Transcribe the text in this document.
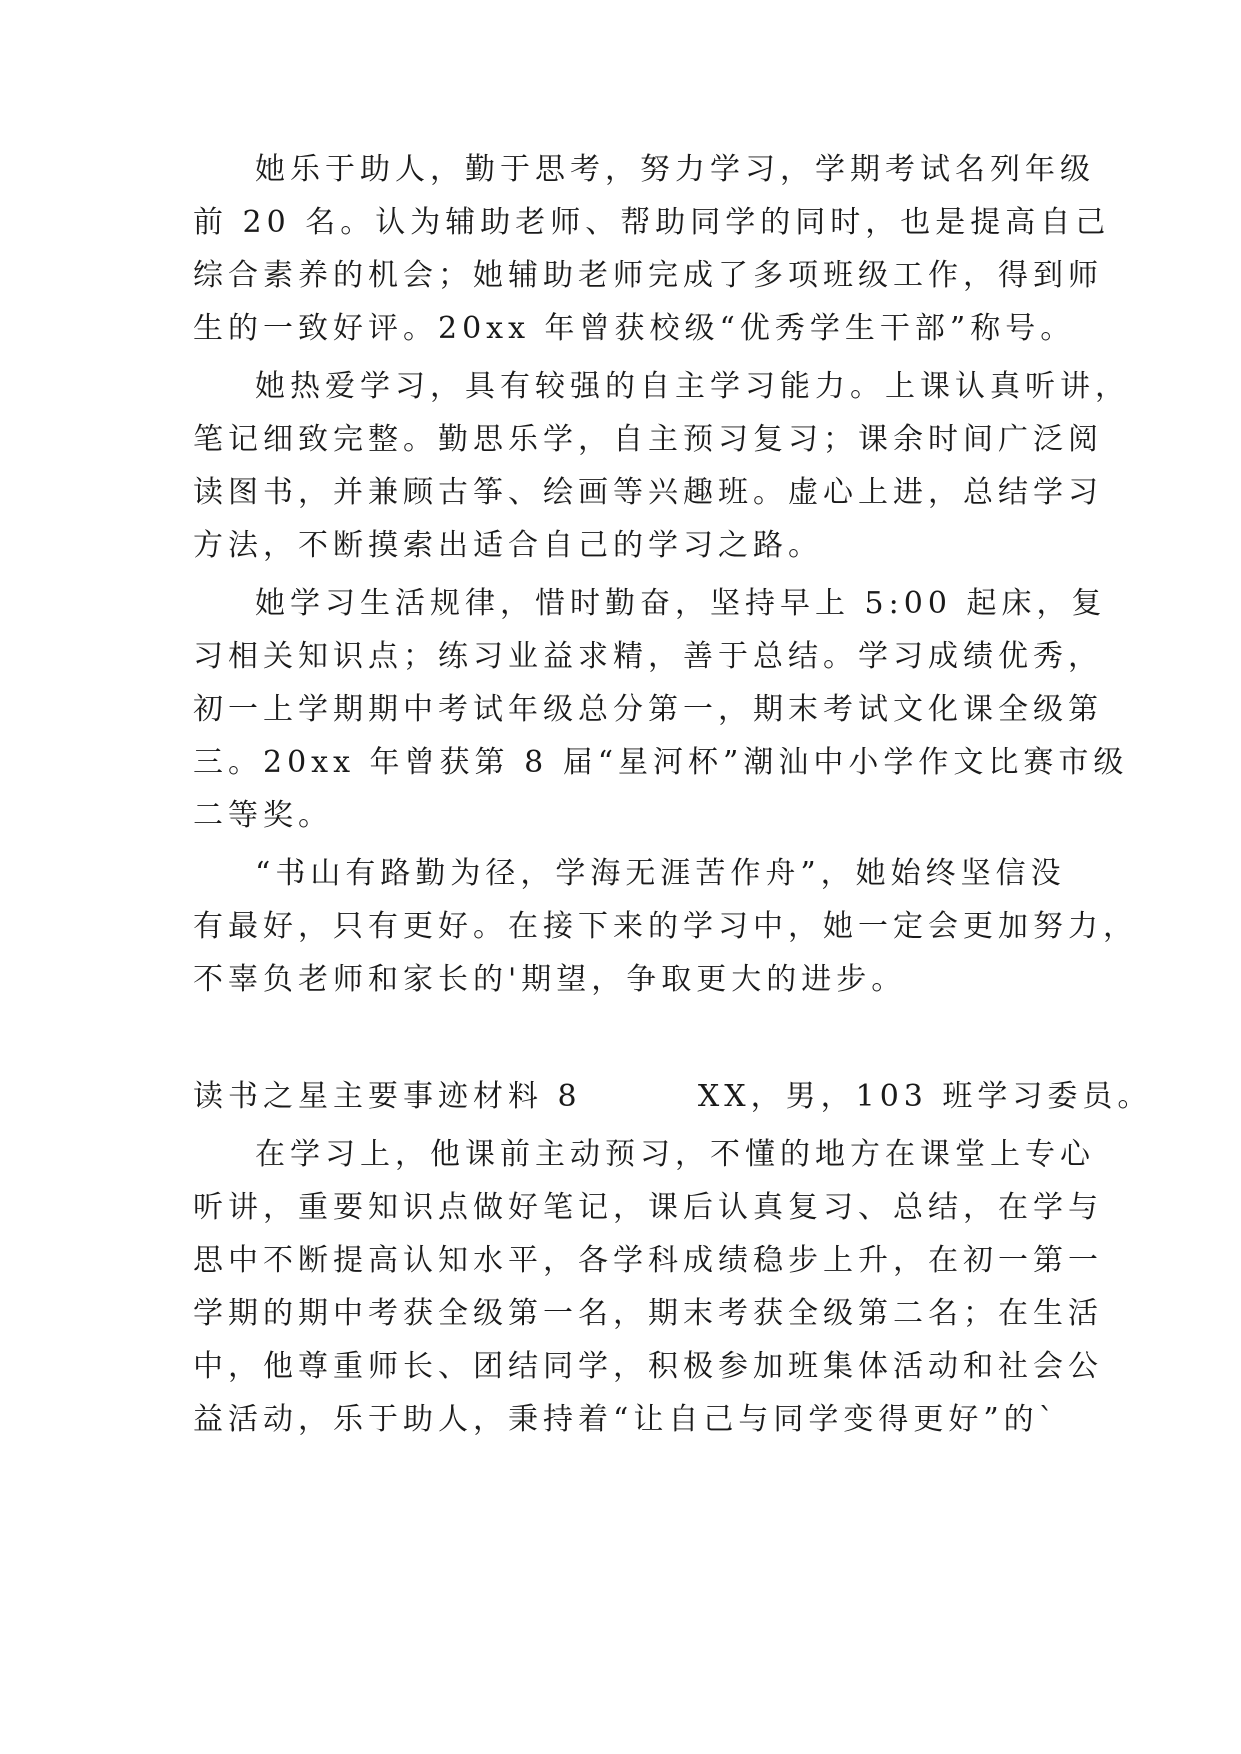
她乐于助人，勤于思考，努力学习，学期考试名列年级
前 20 名。认为辅助老师、帮助同学的同时，也是提高自己
综合素养的机会；她辅助老师完成了多项班级工作，得到师
生的一致好评。20xx 年曾获校级“优秀学生干部”称号。
她热爱学习，具有较强的自主学习能力。上课认真听讲，
笔记细致完整。勤思乐学，自主预习复习；课余时间广泛阅
读图书，并兼顾古筝、绘画等兴趣班。虚心上进，总结学习
方法，不断摸索出适合自己的学习之路。
她学习生活规律，惜时勤奋，坚持早上 5:00 起床，复
习相关知识点；练习业益求精，善于总结。学习成绩优秀，
初一上学期期中考试年级总分第一，期末考试文化课全级第
三。20xx 年曾获第 8 届“星河杯”潮汕中小学作文比赛市级
二等奖。
“书山有路勤为径，学海无涯苦作舟”，她始终坚信没
有最好，只有更好。在接下来的学习中，她一定会更加努力，
不辜负老师和家长的'期望，争取更大的进步。
读书之星主要事迹材料 8        XX，男，103 班学习委员。
在学习上，他课前主动预习，不懂的地方在课堂上专心
听讲，重要知识点做好笔记，课后认真复习、总结，在学与
思中不断提高认知水平，各学科成绩稳步上升，在初一第一
学期的期中考获全级第一名，期末考获全级第二名；在生活
中，他尊重师长、团结同学，积极参加班集体活动和社会公
益活动，乐于助人，秉持着“让自己与同学变得更好”的`
